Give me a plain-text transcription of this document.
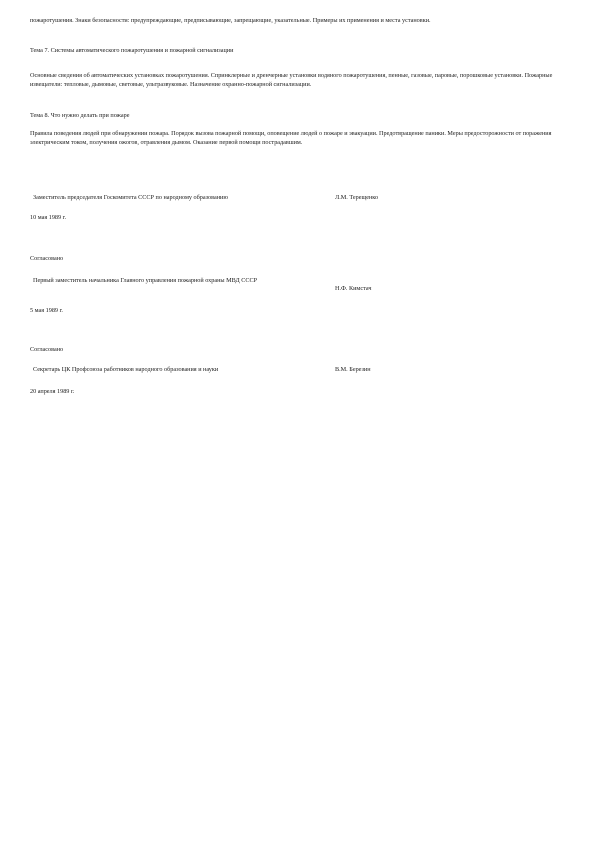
пожаротушения. Знаки безопасности: предупреждающие, предписывающие, запрещающие, указательные. Примеры их применения и места установки.

Тема 7. Системы автоматического пожаротушения и пожарной сигнализации

Основные сведения об автоматических установках пожаротушения. Спринклерные и дренчерные установки водяного пожаротушения, пенные, газовые, паровые, порошковые установки. Пожарные извещатели: тепловые, дымовые, световые, ультразвуковые. Назначение охранно-пожарной сигнализации.

Тема 8. Что нужно делать при пожаре

Правила поведения людей при обнаружении пожара. Порядок вызова пожарной помощи, оповещение людей о пожаре и эвакуации. Предотвращение паники. Меры предосторожности от поражения электрическим током, получения ожогов, отравления дымом. Оказание первой помощи пострадавшим.

Заместитель председателя Госкомитета СССР по народному образованию	Л.М. Терещенко

10 мая 1989 г.

Согласовано

Первый заместитель начальника Главного управления пожарной охраны МВД СССР

Н.Ф. Кимстач

5 мая 1989 г.

Согласовано

Секретарь ЦК Профсоюза работников народного образования и науки	В.М. Березин

20 апреля 1989 г.
